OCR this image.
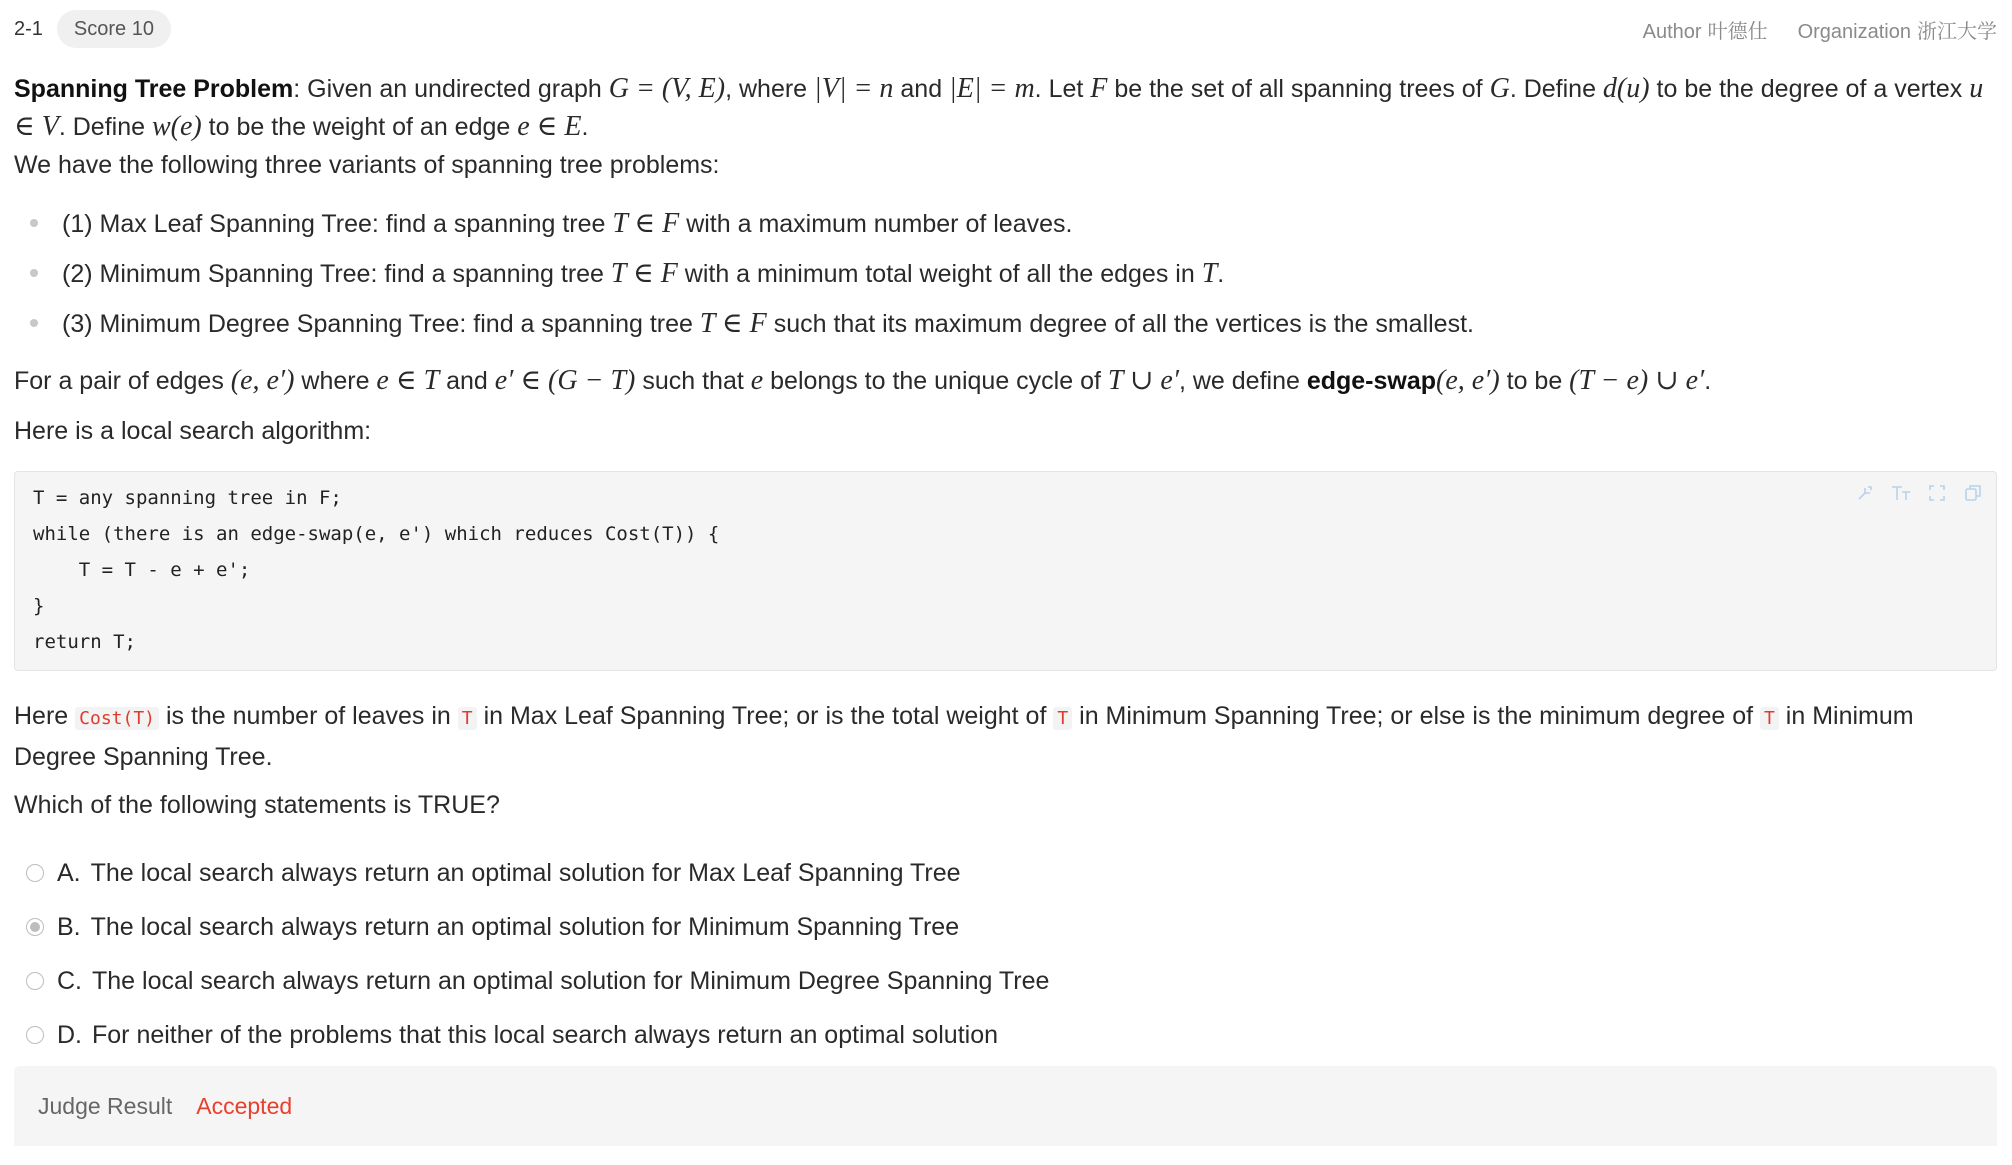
2-1	Score 10	Author 叶德仕 Organization 浙江大学
Spanning Tree Problem: Given an undirected graph G = (V, E), where |V| = n and |E| = m. Let F be the set of all spanning trees of G. Define d(u) to be the degree of a vertex u ∈ V. Define w(e) to be the weight of an edge e ∈ E.
We have the following three variants of spanning tree problems:
(1) Max Leaf Spanning Tree: find a spanning tree T ∈ F with a maximum number of leaves.
(2) Minimum Spanning Tree: find a spanning tree T ∈ F with a minimum total weight of all the edges in T.
(3) Minimum Degree Spanning Tree: find a spanning tree T ∈ F such that its maximum degree of all the vertices is the smallest.
For a pair of edges (e, e′) where e ∈ T and e′ ∈ (G − T) such that e belongs to the unique cycle of T ∪ e′, we define edge-swap(e, e′) to be (T − e) ∪ e′.
Here is a local search algorithm:
T = any spanning tree in F;
while (there is an edge-swap(e, e') which reduces Cost(T)) {
T = T - e + e';
}
return T;
Here Cost(T) is the number of leaves in T in Max Leaf Spanning Tree; or is the total weight of T in Minimum Spanning Tree; or else is the minimum degree of T in Minimum Degree Spanning Tree.
Which of the following statements is TRUE?
A. The local search always return an optimal solution for Max Leaf Spanning Tree
B. The local search always return an optimal solution for Minimum Spanning Tree
C. The local search always return an optimal solution for Minimum Degree Spanning Tree
D. For neither of the problems that this local search always return an optimal solution
Judge Result Accepted
